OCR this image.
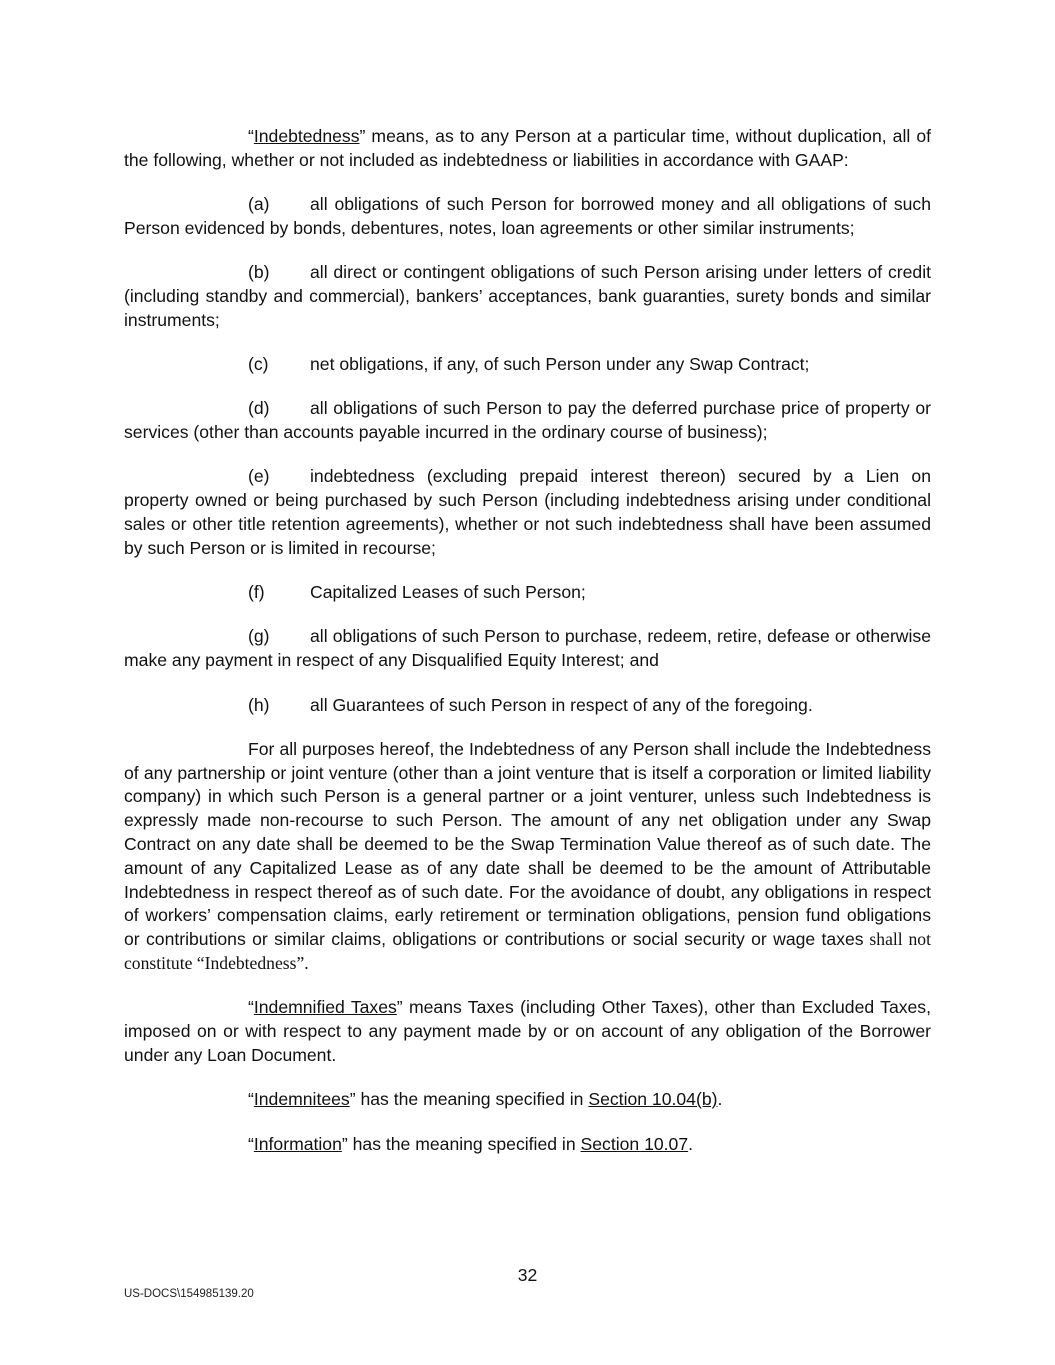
“Indebtedness” means, as to any Person at a particular time, without duplication, all of the following, whether or not included as indebtedness or liabilities in accordance with GAAP:

(a) all obligations of such Person for borrowed money and all obligations of such Person evidenced by bonds, debentures, notes, loan agreements or other similar instruments;

(b) all direct or contingent obligations of such Person arising under letters of credit (including standby and commercial), bankers’ acceptances, bank guaranties, surety bonds and similar instruments;

(c) net obligations, if any, of such Person under any Swap Contract;

(d) all obligations of such Person to pay the deferred purchase price of property or services (other than accounts payable incurred in the ordinary course of business);

(e) indebtedness (excluding prepaid interest thereon) secured by a Lien on property owned or being purchased by such Person (including indebtedness arising under conditional sales or other title retention agreements), whether or not such indebtedness shall have been assumed by such Person or is limited in recourse;

(f)	Capitalized Leases of such Person;

(g) all obligations of such Person to purchase, redeem, retire, defease or otherwise make any payment in respect of any Disqualified Equity Interest; and

(h) all Guarantees of such Person in respect of any of the foregoing.

For all purposes hereof, the Indebtedness of any Person shall include the Indebtedness of any partnership or joint venture (other than a joint venture that is itself a corporation or limited liability company) in which such Person is a general partner or a joint venturer, unless such Indebtedness is expressly made non-recourse to such Person. The amount of any net obligation under any Swap Contract on any date shall be deemed to be the Swap Termination Value thereof as of such date. The amount of any Capitalized Lease as of any date shall be deemed to be the amount of Attributable Indebtedness in respect thereof as of such date. For the avoidance of doubt, any obligations in respect of workers’ compensation claims, early retirement or termination obligations, pension fund obligations or contributions or similar claims, obligations or contributions or social security or wage taxes shall not constitute “Indebtedness”.

“Indemnified Taxes” means Taxes (including Other Taxes), other than Excluded Taxes, imposed on or with respect to any payment made by or on account of any obligation of the Borrower under any Loan Document.

“Indemnitees” has the meaning specified in Section 10.04(b).

“Information” has the meaning specified in Section 10.07.

32
US-DOCS\154985139.20
